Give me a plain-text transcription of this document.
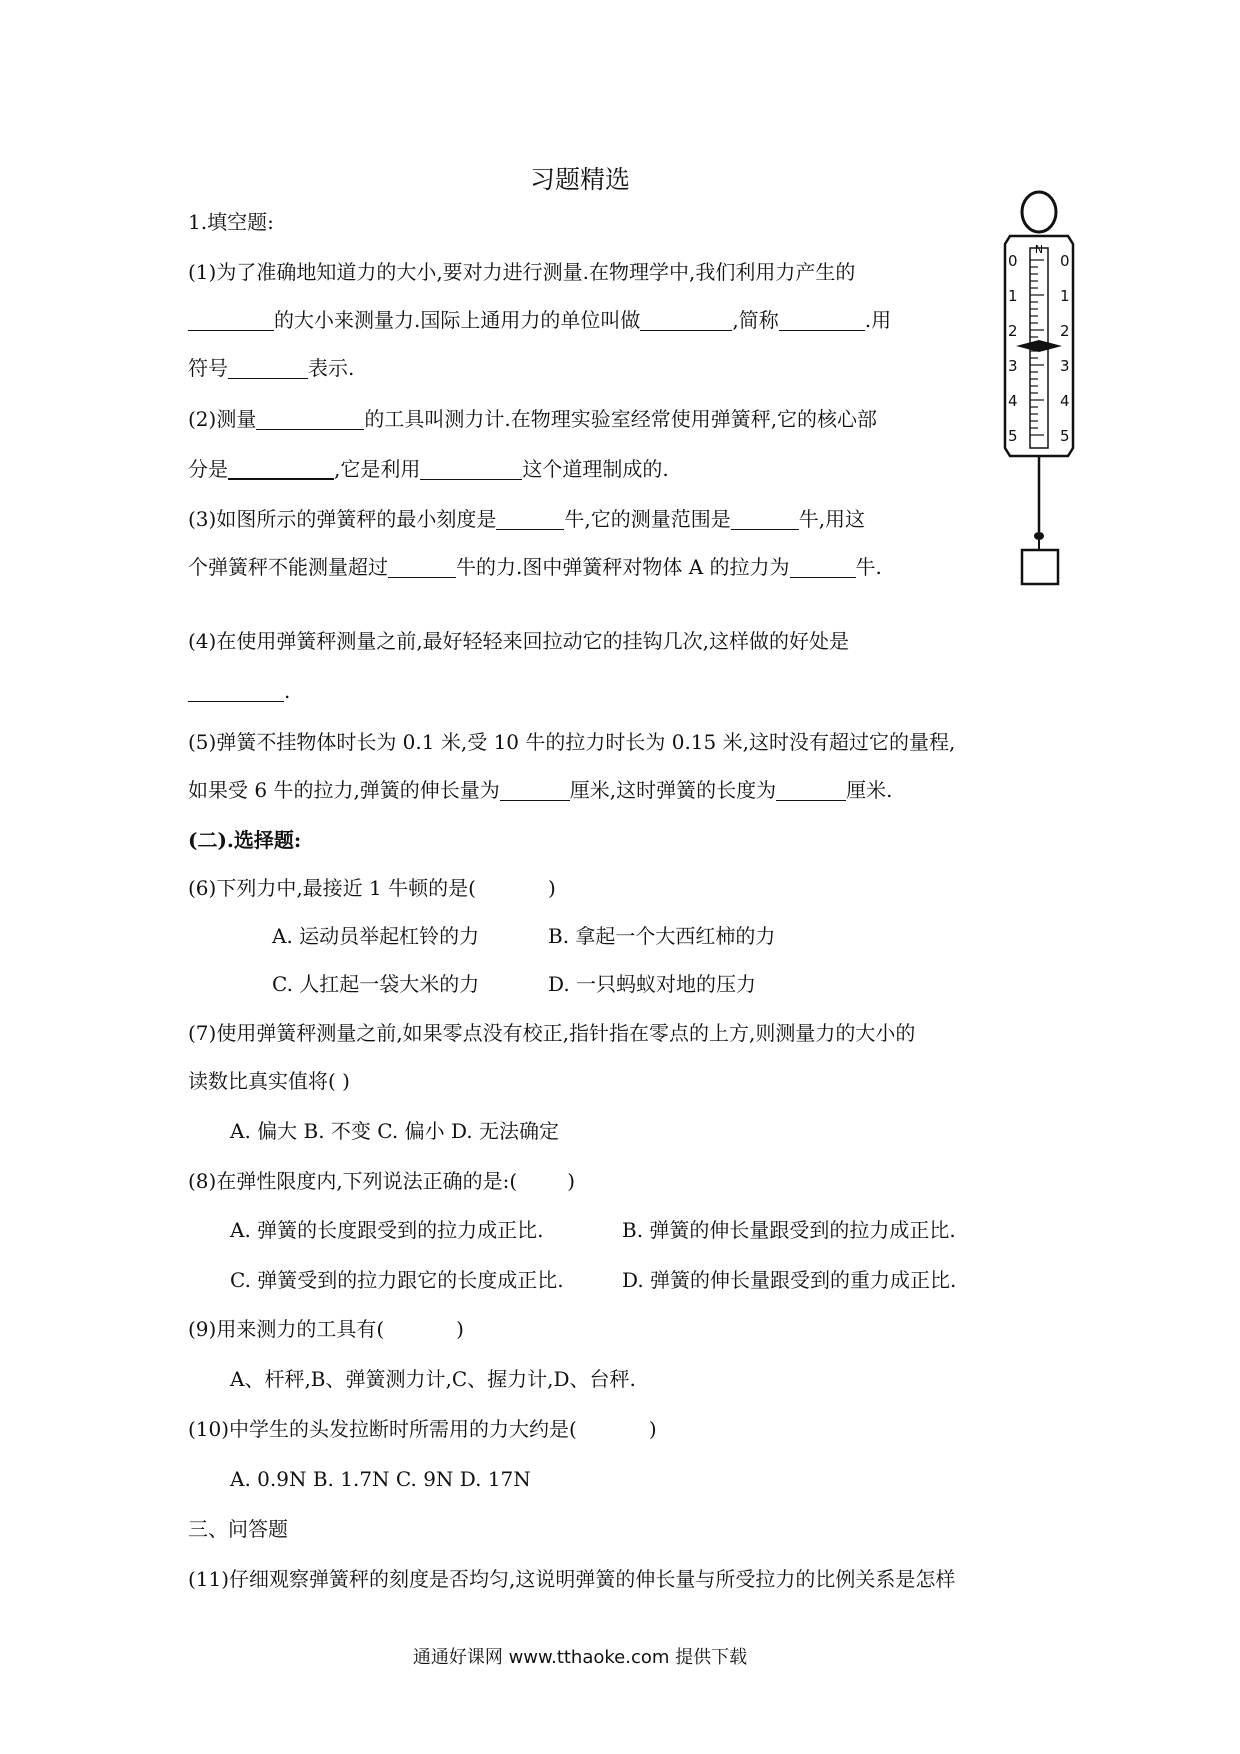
习题精选
1.填空题:
(1)为了准确地知道力的大小,要对力进行测量.在物理学中,我们利用力产生的
的大小来测量力.国际上通用力的单位叫做	,简称	.用
符号	表示.
(2)测量	的工具叫测力计.在物理实验室经常使用弹簧秤,它的核心部
分是	,它是利用	这个道理制成的.
(3)如图所示的弹簧秤的最小刻度是	牛,它的测量范围是	牛,用这
个弹簧秤不能测量超过	牛的力.图中弹簧秤对物体 A 的拉力为	牛.
(4)在使用弹簧秤测量之前,最好轻轻来回拉动它的挂钩几次,这样做的好处是
.
(5)弹簧不挂物体时长为 0.1 米,受 10 牛的拉力时长为 0.15 米,这时没有超过它的量程,
如果受 6 牛的拉力,弹簧的伸长量为	厘米,这时弹簧的长度为	厘米.
(二).选择题:
(6)下列力中,最接近 1 牛顿的是(	)
A. 运动员举起杠铃的力	B. 拿起一个大西红柿的力
C. 人扛起一袋大米的力	D. 一只蚂蚁对地的压力
(7)使用弹簧秤测量之前,如果零点没有校正,指针指在零点的上方,则测量力的大小的
读数比真实值将( )
A. 偏大 B. 不变 C. 偏小 D. 无法确定
(8)在弹性限度内,下列说法正确的是:(	)
A. 弹簧的长度跟受到的拉力成正比.	B. 弹簧的伸长量跟受到的拉力成正比.
C. 弹簧受到的拉力跟它的长度成正比.	D. 弹簧的伸长量跟受到的重力成正比.
(9)用来测力的工具有(	)
A、杆秤,B、弹簧测力计,C、握力计,D、台秤.
(10)中学生的头发拉断时所需用的力大约是(	)
A. 0.9N B. 1.7N C. 9N D. 17N
三、问答题
(11)仔细观察弹簧秤的刻度是否均匀,这说明弹簧的伸长量与所受拉力的比例关系是怎样
N
0
1
2
3
4
5
0
1
2
3
4
5
通通好课网 www.tthaoke.com 提供下载
